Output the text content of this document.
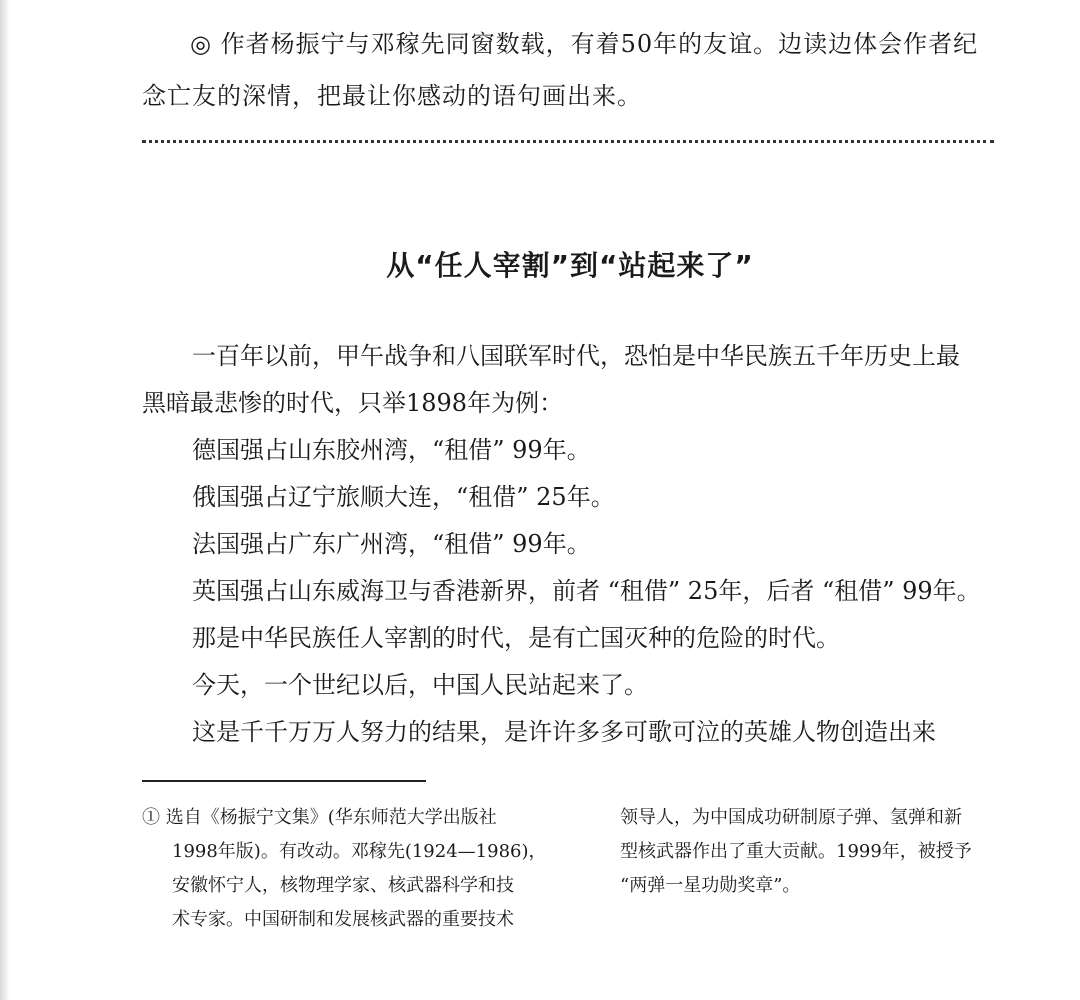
◎ 作者杨振宁与邓稼先同窗数载，有着50年的友谊。边读边体会作者纪
念亡友的深情，把最让你感动的语句画出来。
从“任人宰割”到“站起来了”

一百年以前，甲午战争和八国联军时代，恐怕是中华民族五千年历史上最

黑暗最悲惨的时代，只举1898年为例：

德国强占山东胶州湾，“租借” 99年。

俄国强占辽宁旅顺大连，“租借” 25年。

法国强占广东广州湾，“租借” 99年。

英国强占山东威海卫与香港新界，前者 “租借” 25年，后者 “租借” 99年。

那是中华民族任人宰割的时代，是有亡国灭种的危险的时代。

今天，一个世纪以后，中国人民站起来了。

这是千千万万人努力的结果，是许许多多可歌可泣的英雄人物创造出来

① 选自《杨振宁文集》(华东师范大学出版社
1998年版)。有改动。邓稼先(1924—1986)，
安徽怀宁人，核物理学家、核武器科学和技
术专家。中国研制和发展核武器的重要技术
领导人，为中国成功研制原子弹、氢弹和新
型核武器作出了重大贡献。1999年，被授予
“两弹一星功勋奖章”。
